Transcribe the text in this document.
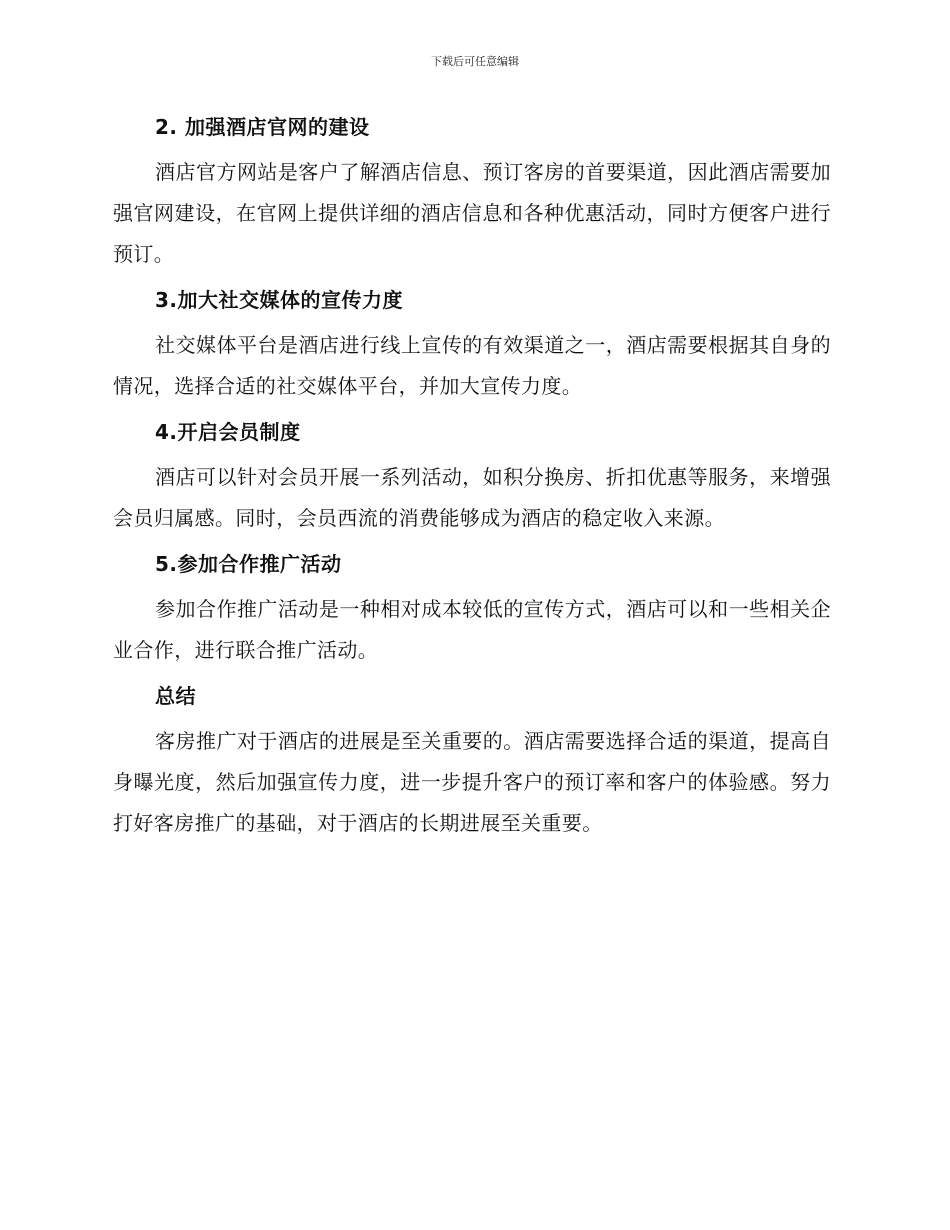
下载后可任意编辑
2. 加强酒店官网的建设
酒店官方网站是客户了解酒店信息、预订客房的首要渠道，因此酒店需要加强官网建设，在官网上提供详细的酒店信息和各种优惠活动，同时方便客户进行预订。
3.加大社交媒体的宣传力度
社交媒体平台是酒店进行线上宣传的有效渠道之一，酒店需要根据其自身的情况，选择合适的社交媒体平台，并加大宣传力度。
4.开启会员制度
酒店可以针对会员开展一系列活动，如积分换房、折扣优惠等服务，来增强会员归属感。同时，会员西流的消费能够成为酒店的稳定收入来源。
5.参加合作推广活动
参加合作推广活动是一种相对成本较低的宣传方式，酒店可以和一些相关企业合作，进行联合推广活动。
总结
客房推广对于酒店的进展是至关重要的。酒店需要选择合适的渠道，提高自身曝光度，然后加强宣传力度，进一步提升客户的预订率和客户的体验感。努力打好客房推广的基础，对于酒店的长期进展至关重要。
